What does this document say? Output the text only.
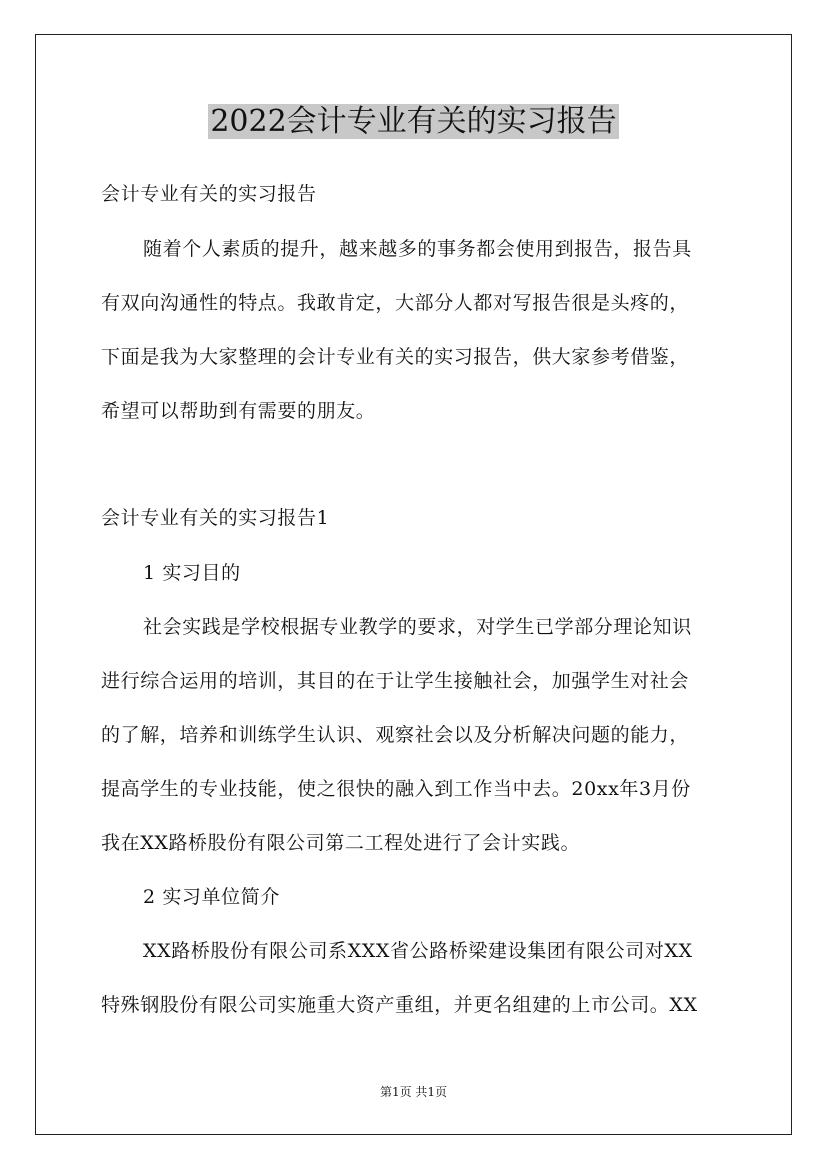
2022会计专业有关的实习报告
会计专业有关的实习报告
随着个人素质的提升，越来越多的事务都会使用到报告，报告具
有双向沟通性的特点。我敢肯定，大部分人都对写报告很是头疼的，
下面是我为大家整理的会计专业有关的实习报告，供大家参考借鉴，
希望可以帮助到有需要的朋友。
会计专业有关的实习报告1
1 实习目的
社会实践是学校根据专业教学的要求，对学生已学部分理论知识
进行综合运用的培训，其目的在于让学生接触社会，加强学生对社会
的了解，培养和训练学生认识、观察社会以及分析解决问题的能力，
提高学生的专业技能，使之很快的融入到工作当中去。20xx年3月份
我在XX路桥股份有限公司第二工程处进行了会计实践。
2 实习单位简介
XX路桥股份有限公司系XXX省公路桥梁建设集团有限公司对XX
特殊钢股份有限公司实施重大资产重组，并更名组建的上市公司。XX
第1页 共1页
